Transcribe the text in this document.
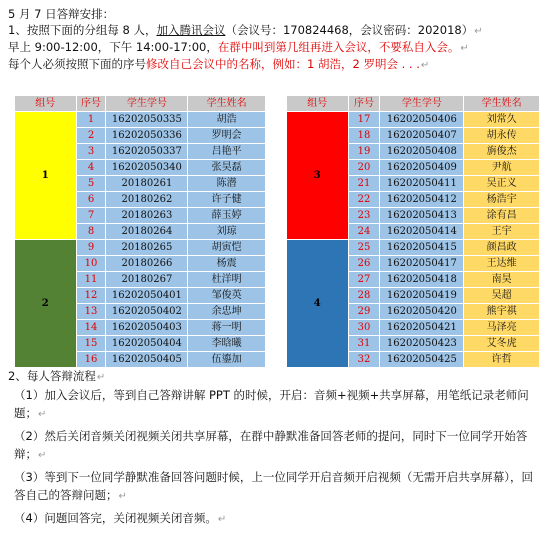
5 月 7 日答辩安排：
1、按照下面的分组每 8 人，加入腾讯会议（会议号：170824468，会议密码：202018）↵
早上 9:00-12:00，下午 14:00-17:00，在群中叫到第几组再进入会议，不要私自入会。↵
每个人必须按照下面的序号修改自己会议中的名称，例如：1 胡浩，2 罗明会 . . .↵
组号	序号	学生学号	学生姓名
1	1	16202050335	胡浩
	2	16202050336	罗明会
	3	16202050337	吕艳平
	4	16202050340	张昊磊
	5	20180261	陈潜
	6	20180262	许子健
	7	20180263	薛玉婷
	8	20180264	刘琼
2	9	20180265	胡寅恺
	10	20180266	杨震
	11	20180267	杜洋明
	12	16202050401	邹俊英
	13	16202050402	余忠坤
	14	16202050403	蒋一明
	15	16202050404	李晗曦
	16	16202050405	伍鎏加
组号	序号	学生学号	学生姓名
3	17	16202050406	刘常久
	18	16202050407	胡永传
	19	16202050408	旃俊杰
	20	16202050409	尹航
	21	16202050411	吴正义
	22	16202050412	杨浩宇
	23	16202050413	涂有昌
	24	16202050414	王宇
4	25	16202050415	颜昌政
	26	16202050417	王达维
	27	16202050418	南昊
	28	16202050419	吴超
	29	16202050420	熊宇祺
	30	16202050421	马泽亮
	31	16202050423	艾冬虎
	32	16202050425	许哲
2、每人答辩流程↵
（1）加入会议后，等到自己答辩讲解 PPT 的时候，开启：音频+视频+共享屏幕，用笔纸记录老师问题；↵
（2）然后关闭音频关闭视频关闭共享屏幕，在群中静默准备回答老师的提问，同时下一位同学开始答辩；↵
（3）等到下一位同学静默准备回答问题时候，上一位同学开启音频开启视频（无需开启共享屏幕），回答自己的答辩问题；↵
（4）问题回答完，关闭视频关闭音频。↵
